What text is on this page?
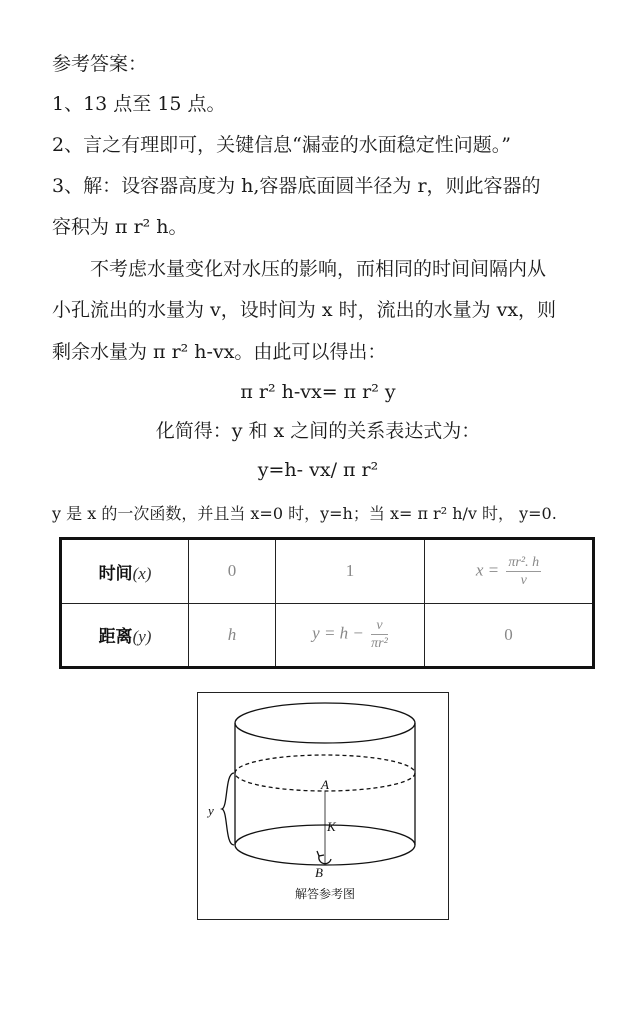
参考答案：
1、13 点至 15 点。
2、言之有理即可，关键信息“漏壶的水面稳定性问题。”
3、解：设容器高度为 h,容器底面圆半径为 r，则此容器的
容积为 π r² h。
不考虑水量变化对水压的影响，而相同的时间间隔内从
小孔流出的水量为 v，设时间为 x 时，流出的水量为 vx，则
剩余水量为 π r² h-vx。由此可以得出：
π r² h-vx= π r² y
化简得：y 和 x 之间的关系表达式为：
y=h- vx/ π r²
y 是 x 的一次函数，并且当 x=0 时，y=h；当 x= π r² h/v 时， y=0.
时间(x)	0	1	$x = \frac{\text{πr². h}}{v}$

距离(y)	h	$y = h - \frac{v}{\text{πr²}}$	0
y
A
K
B
解答参考图
